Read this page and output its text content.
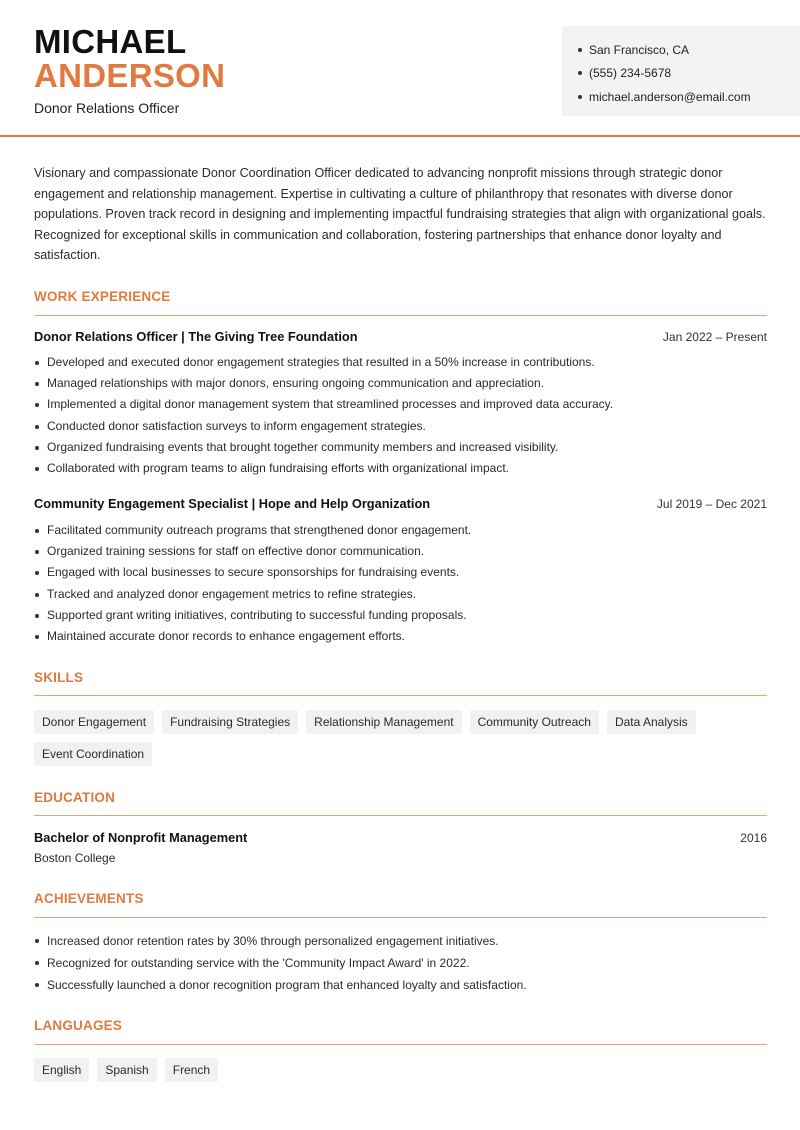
MICHAEL
ANDERSON
Donor Relations Officer
San Francisco, CA
(555) 234-5678
michael.anderson@email.com
Visionary and compassionate Donor Coordination Officer dedicated to advancing nonprofit missions through strategic donor engagement and relationship management. Expertise in cultivating a culture of philanthropy that resonates with diverse donor populations. Proven track record in designing and implementing impactful fundraising strategies that align with organizational goals. Recognized for exceptional skills in communication and collaboration, fostering partnerships that enhance donor loyalty and satisfaction.
WORK EXPERIENCE
Donor Relations Officer | The Giving Tree Foundation	Jan 2022 – Present
Developed and executed donor engagement strategies that resulted in a 50% increase in contributions.
Managed relationships with major donors, ensuring ongoing communication and appreciation.
Implemented a digital donor management system that streamlined processes and improved data accuracy.
Conducted donor satisfaction surveys to inform engagement strategies.
Organized fundraising events that brought together community members and increased visibility.
Collaborated with program teams to align fundraising efforts with organizational impact.
Community Engagement Specialist | Hope and Help Organization	Jul 2019 – Dec 2021
Facilitated community outreach programs that strengthened donor engagement.
Organized training sessions for staff on effective donor communication.
Engaged with local businesses to secure sponsorships for fundraising events.
Tracked and analyzed donor engagement metrics to refine strategies.
Supported grant writing initiatives, contributing to successful funding proposals.
Maintained accurate donor records to enhance engagement efforts.
SKILLS
Donor Engagement	Fundraising Strategies	Relationship Management	Community Outreach	Data Analysis
Event Coordination
EDUCATION
Bachelor of Nonprofit Management	2016
Boston College
ACHIEVEMENTS
Increased donor retention rates by 30% through personalized engagement initiatives.
Recognized for outstanding service with the 'Community Impact Award' in 2022.
Successfully launched a donor recognition program that enhanced loyalty and satisfaction.
LANGUAGES
English	Spanish	French
